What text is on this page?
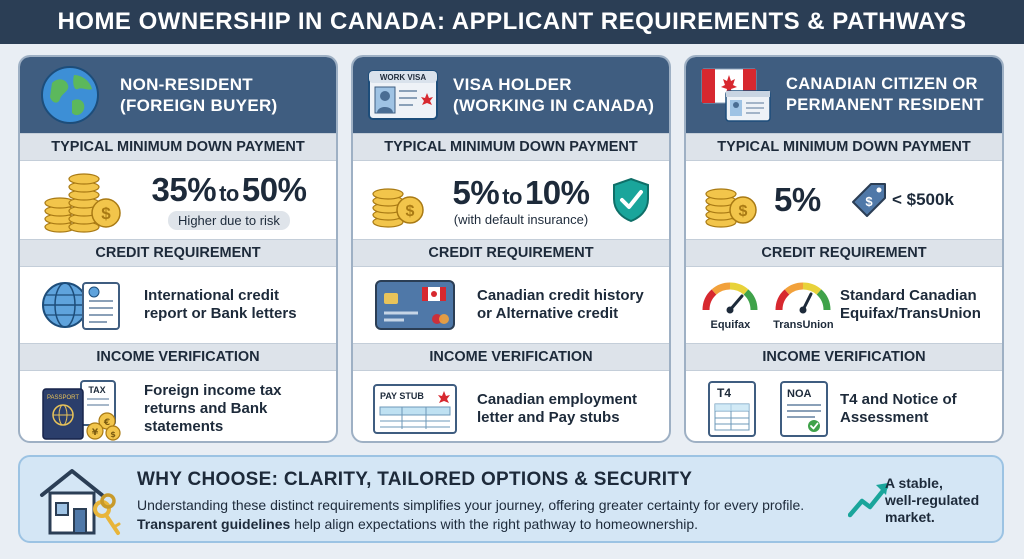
HOME OWNERSHIP IN CANADA: APPLICANT REQUIREMENTS & PATHWAYS
NON-RESIDENT
(FOREIGN BUYER)
TYPICAL MINIMUM DOWN PAYMENT
$
35% to50%
Higher due to risk
CREDIT REQUIREMENT
International credit
report or Bank letters
INCOME VERIFICATION
TAX
PASSPORT
€
¥ $
Foreign income tax
returns and Bank
statements
WORK VISA VISA HOLDER
(WORKING IN CANADA)
TYPICAL MINIMUM DOWN PAYMENT
$
5% to10%
(with default insurance)
CREDIT REQUIREMENT
Canadian credit history
or Alternative credit
INCOME VERIFICATION
PAY STUB	Canadian employment
letter and Pay stubs
CANADIAN CITIZEN OR
PERMANENT RESIDENT
TYPICAL MINIMUM DOWN PAYMENT
$ 5%	$ < $500k
CREDIT REQUIREMENT
Equifax	TransUnion
Standard Canadian
Equifax/TransUnion
INCOME VERIFICATION
T4	NOA T4 and Notice of
Assessment
WHY CHOOSE: CLARITY, TAILORED OPTIONS & SECURITY
Understanding these distinct requirements simplifies your journey, offering greater certainty for every profile. Transparent guidelines help align expectations with the right pathway to homeownership.
A stable,
well-regulated
market.
